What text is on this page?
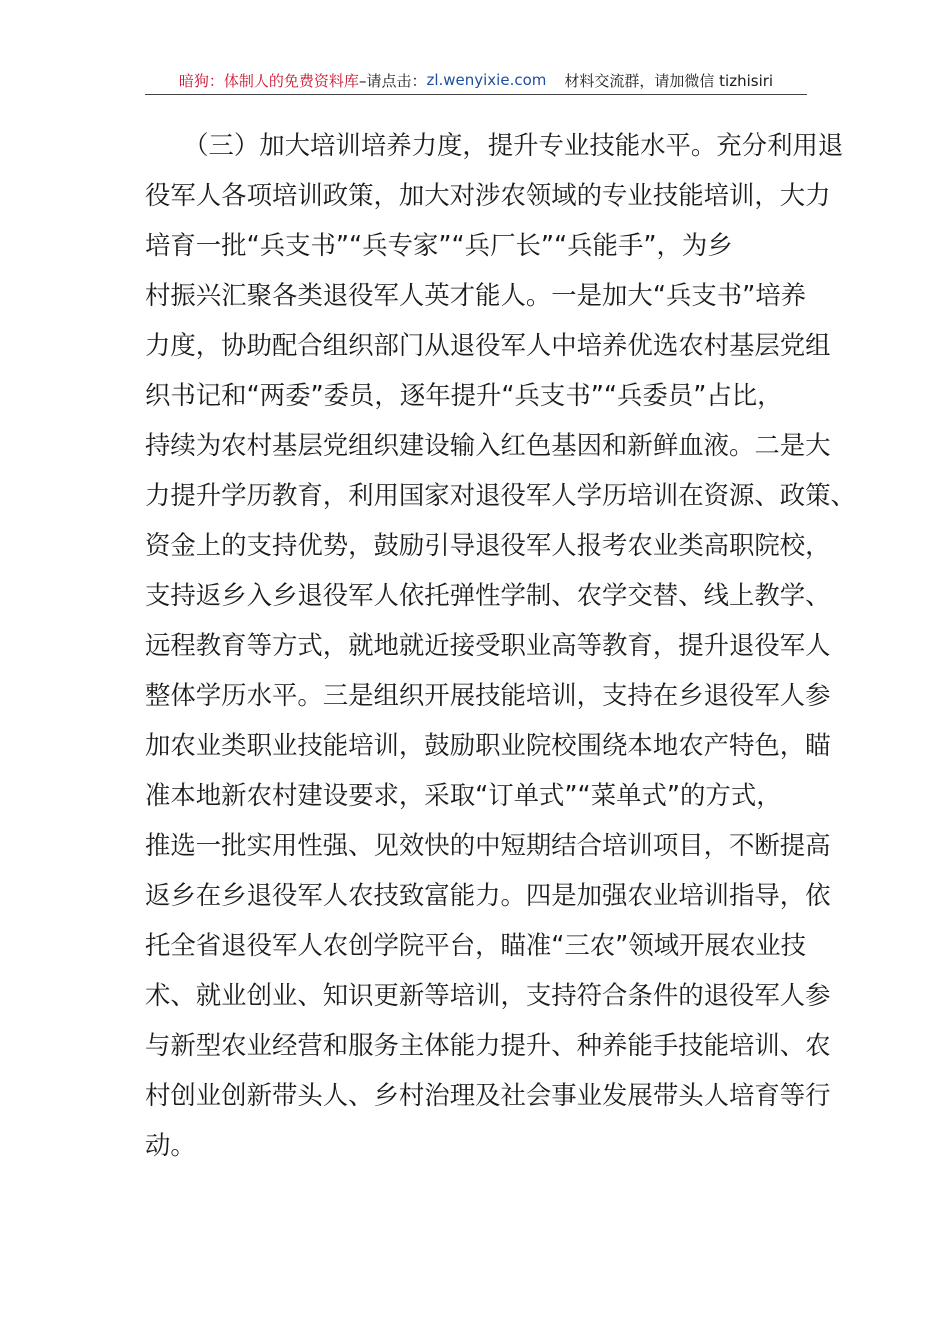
暗狗：体制人的免费资料库 –请点击： zl.wenyixie.com 材料交流群，请加微信 tizhisiri
　　（三）加大培训培养力度，提升专业技能水平。充分利用退
役军人各项培训政策，加大对涉农领域的专业技能培训，大力
培育一批“兵支书”“兵专家”“兵厂长”“兵能手”，为乡
村振兴汇聚各类退役军人英才能人。一是加大“兵支书”培养
力度，协助配合组织部门从退役军人中培养优选农村基层党组
织书记和“两委”委员，逐年提升“兵支书”“兵委员”占比，
持续为农村基层党组织建设输入红色基因和新鲜血液。二是大
力提升学历教育，利用国家对退役军人学历培训在资源、政策、
资金上的支持优势，鼓励引导退役军人报考农业类高职院校，
支持返乡入乡退役军人依托弹性学制、农学交替、线上教学、
远程教育等方式，就地就近接受职业高等教育，提升退役军人
整体学历水平。三是组织开展技能培训，支持在乡退役军人参
加农业类职业技能培训，鼓励职业院校围绕本地农产特色，瞄
准本地新农村建设要求，采取“订单式”“菜单式”的方式，
推选一批实用性强、见效快的中短期结合培训项目，不断提高
返乡在乡退役军人农技致富能力。四是加强农业培训指导，依
托全省退役军人农创学院平台，瞄准“三农”领域开展农业技
术、就业创业、知识更新等培训，支持符合条件的退役军人参
与新型农业经营和服务主体能力提升、种养能手技能培训、农
村创业创新带头人、乡村治理及社会事业发展带头人培育等行
动。
